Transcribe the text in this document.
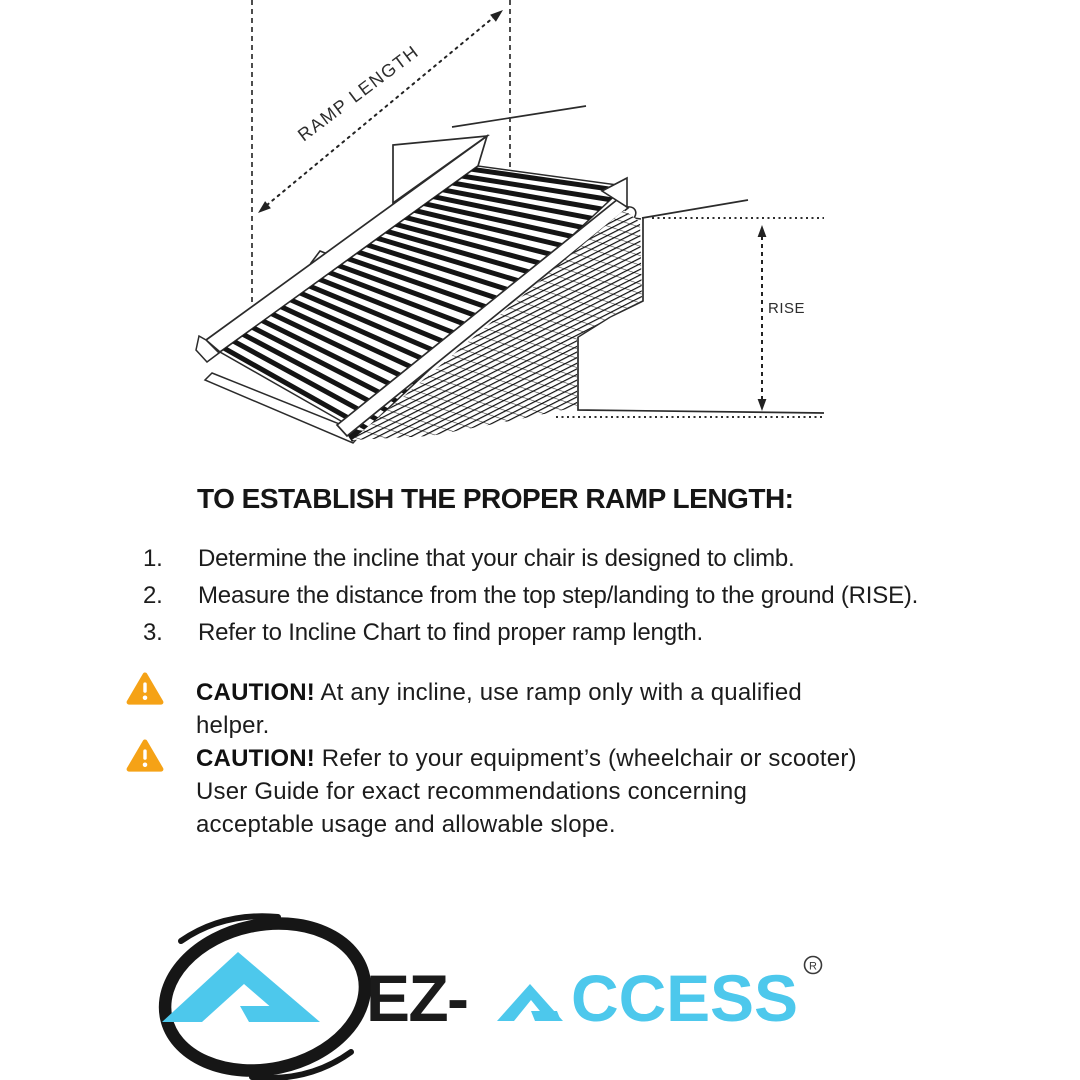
RAMP LENGTH
RISE
TO ESTABLISH THE PROPER RAMP LENGTH:
1.	Determine the incline that your chair is designed to climb.
2.	Measure the distance from the top step/landing to the ground (RISE).
3.	Refer to Incline Chart to find proper ramp length.
CAUTION! At any incline, use ramp only with a qualified
helper.
CAUTION! Refer to your equipment’s (wheelchair or scooter)
User Guide for exact recommendations concerning
acceptable usage and allowable slope.
EZ- CCESS R
